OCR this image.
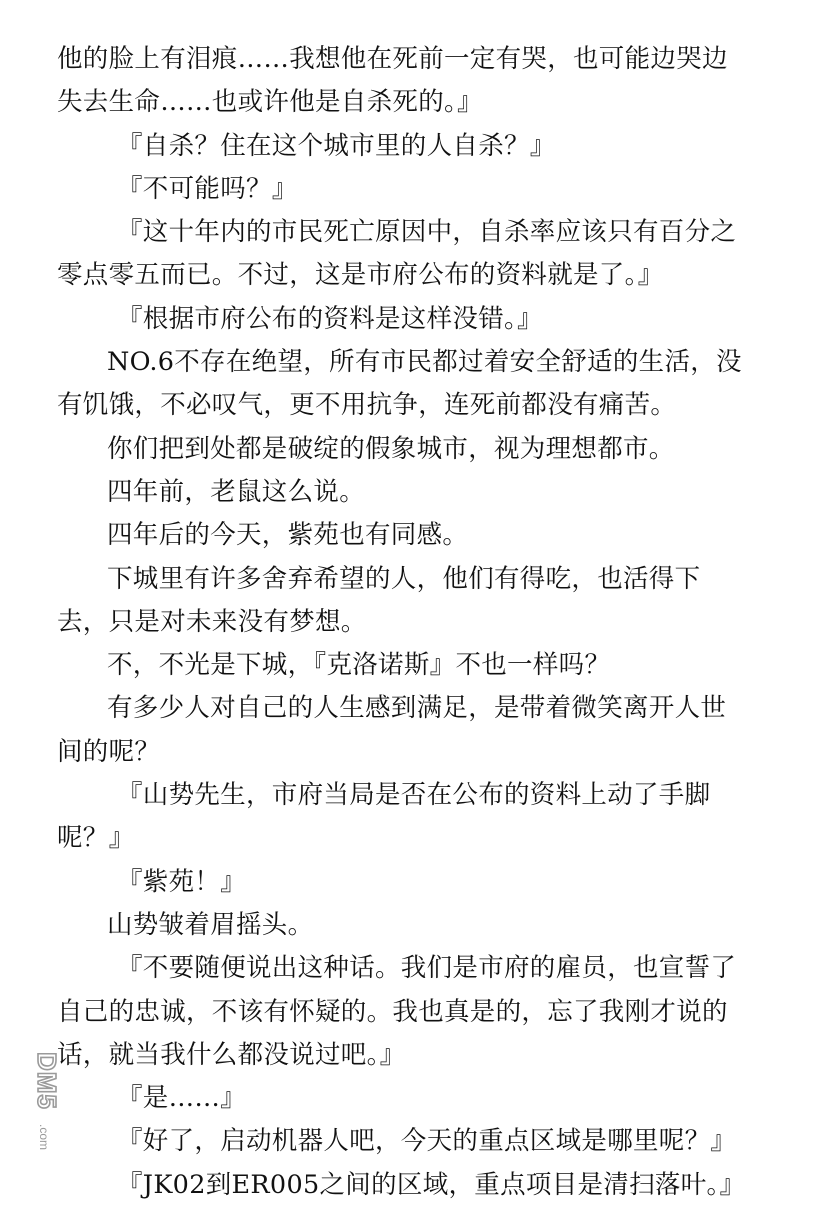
他的脸上有泪痕……我想他在死前一定有哭，也可能边哭边
失去生命……也或许他是自杀死的。』
『自杀？住在这个城市里的人自杀？』
『不可能吗？』
『这十年内的市民死亡原因中，自杀率应该只有百分之
零点零五而已。不过，这是市府公布的资料就是了。』
『根据市府公布的资料是这样没错。』
NO.6不存在绝望，所有市民都过着安全舒适的生活，没
有饥饿，不必叹气，更不用抗争，连死前都没有痛苦。
你们把到处都是破绽的假象城市，视为理想都市。
四年前，老鼠这么说。
四年后的今天，紫苑也有同感。
下城里有许多舍弃希望的人，他们有得吃，也活得下
去，只是对未来没有梦想。
不，不光是下城，『克洛诺斯』不也一样吗？
有多少人对自己的人生感到满足，是带着微笑离开人世
间的呢？
『山势先生，市府当局是否在公布的资料上动了手脚
呢？』
『紫苑！』
山势皱着眉摇头。
『不要随便说出这种话。我们是市府的雇员，也宣誓了
自己的忠诚，不该有怀疑的。我也真是的，忘了我刚才说的
话，就当我什么都没说过吧。』
『是……』
『好了，启动机器人吧，今天的重点区域是哪里呢？』
『JK02到ER005之间的区域，重点项目是清扫落叶。』
DM5
.com
